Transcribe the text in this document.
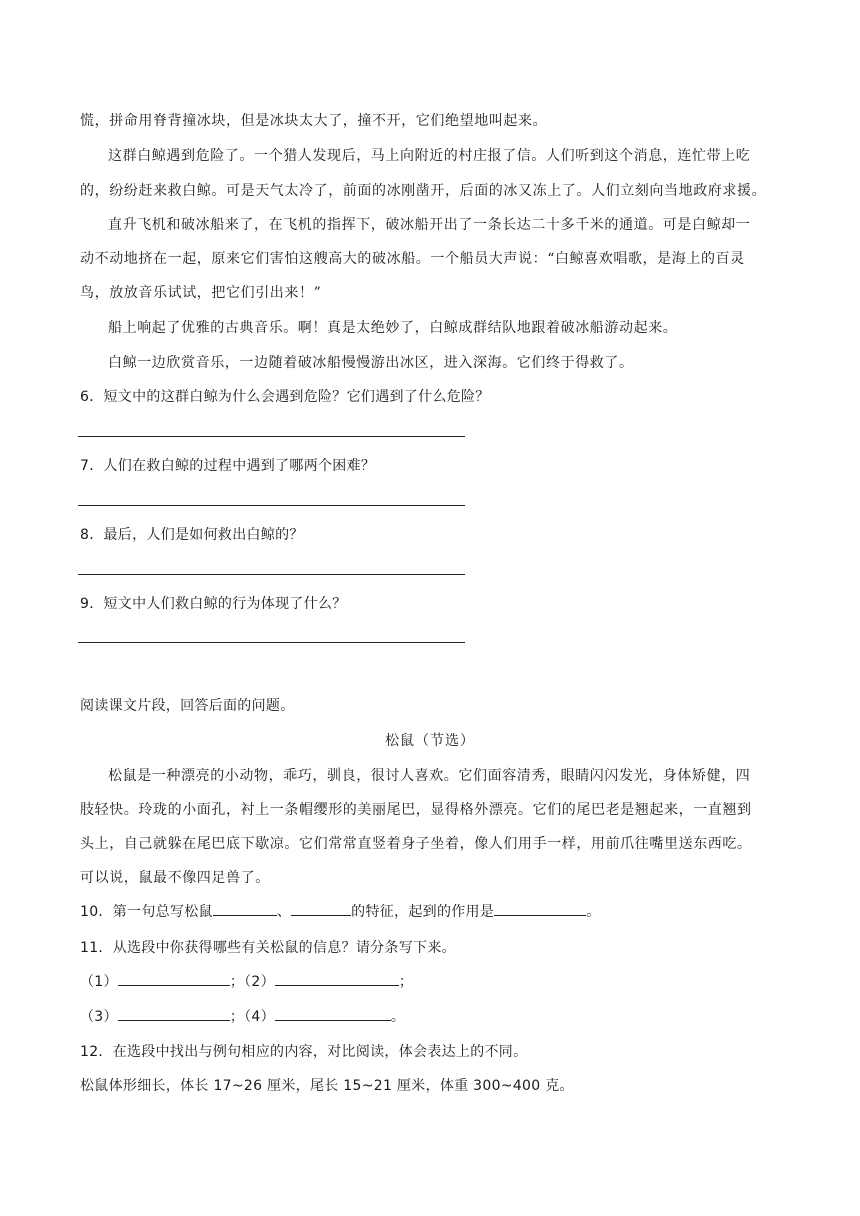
慌，拼命用脊背撞冰块，但是冰块太大了，撞不开，它们绝望地叫起来。
这群白鲸遇到危险了。一个猎人发现后，马上向附近的村庄报了信。人们听到这个消息，连忙带上吃
的，纷纷赶来救白鲸。可是天气太冷了，前面的冰刚凿开，后面的冰又冻上了。人们立刻向当地政府求援。
直升飞机和破冰船来了，在飞机的指挥下，破冰船开出了一条长达二十多千米的通道。可是白鲸却一
动不动地挤在一起，原来它们害怕这艘高大的破冰船。一个船员大声说：“白鲸喜欢唱歌，是海上的百灵
鸟，放放音乐试试，把它们引出来！”
船上响起了优雅的古典音乐。啊！真是太绝妙了，白鲸成群结队地跟着破冰船游动起来。
白鲸一边欣赏音乐，一边随着破冰船慢慢游出冰区，进入深海。它们终于得救了。
6．短文中的这群白鲸为什么会遇到危险？它们遇到了什么危险？
7．人们在救白鲸的过程中遇到了哪两个困难？
8．最后，人们是如何救出白鲸的？
9．短文中人们救白鲸的行为体现了什么？
阅读课文片段，回答后面的问题。
松鼠（节选）
松鼠是一种漂亮的小动物，乖巧，驯良，很讨人喜欢。它们面容清秀，眼睛闪闪发光，身体矫健，四
肢轻快。玲珑的小面孔，衬上一条帽缨形的美丽尾巴，显得格外漂亮。它们的尾巴老是翘起来，一直翘到
头上，自己就躲在尾巴底下歇凉。它们常常直竖着身子坐着，像人们用手一样，用前爪往嘴里送东西吃。
可以说，鼠最不像四足兽了。
10．第一句总写松鼠	、	的特征，起到的作用是	。
11．从选段中你获得哪些有关松鼠的信息？请分条写下来。
（1）	；（2）	；
（3）	；（4）	。
12．在选段中找出与例句相应的内容，对比阅读，体会表达上的不同。
松鼠体形细长，体长 17~26 厘米，尾长 15~21 厘米，体重 300~400 克。
